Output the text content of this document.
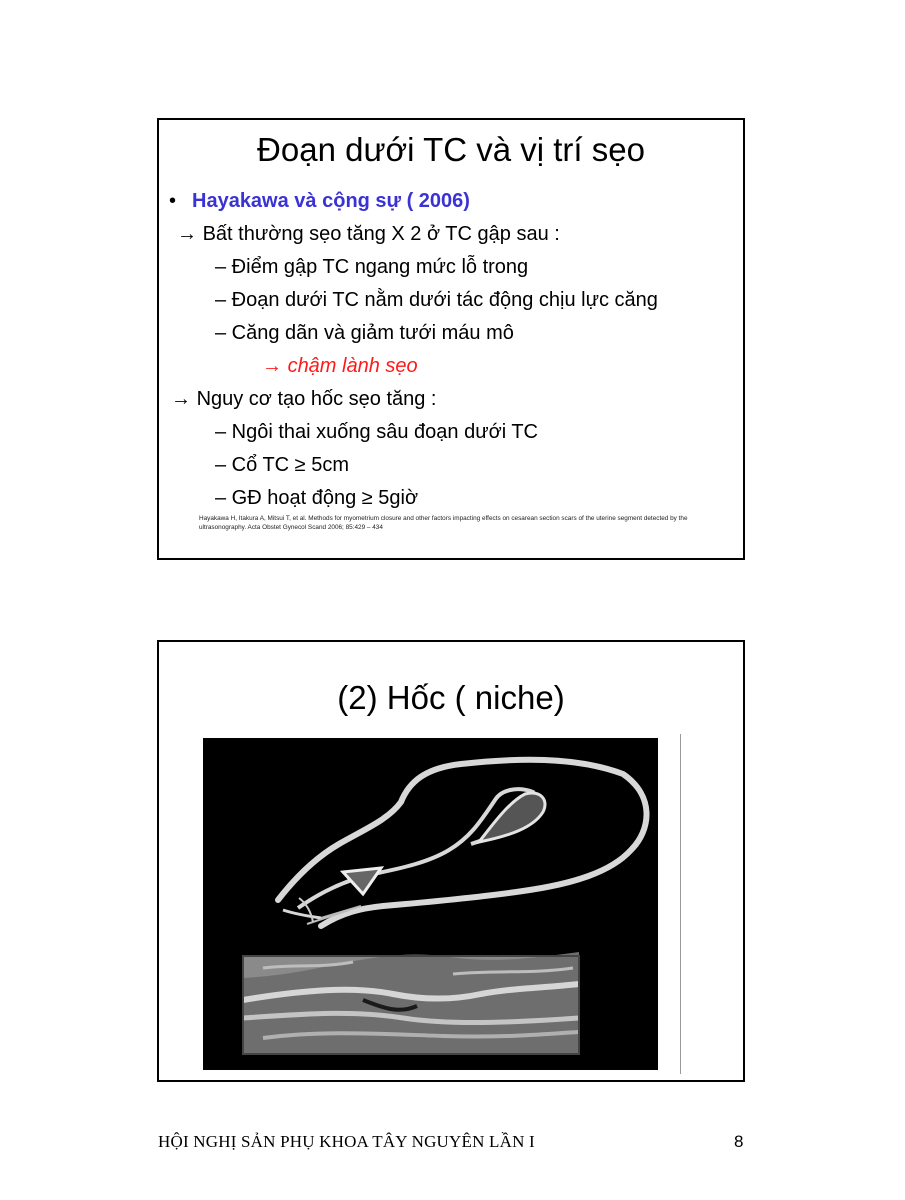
Đoạn dưới TC và vị trí sẹo
• Hayakawa và cộng sự ( 2006)
→ Bất thường sẹo tăng X 2 ở TC gập sau :
– Điểm gập TC ngang mức lỗ trong
– Đoạn dưới TC nằm dưới tác động chịu lực căng
– Căng dãn và giảm tưới máu mô
→ chậm lành sẹo
→ Nguy cơ tạo hốc sẹo tăng :
– Ngôi thai xuống sâu đoạn dưới TC
– Cổ TC ≥ 5cm
– GĐ hoạt động ≥ 5giờ
Hayakawa H, Itakura A, Mitsui T, et al. Methods for myometrium closure and other factors impacting effects on cesarean section scars of the uterine segment detected by the ultrasonography. Acta Obstet Gynecol Scand 2006; 85:429 – 434
(2) Hốc ( niche)
HỘI NGHỊ SẢN PHỤ KHOA TÂY NGUYÊN LẦN I	8
